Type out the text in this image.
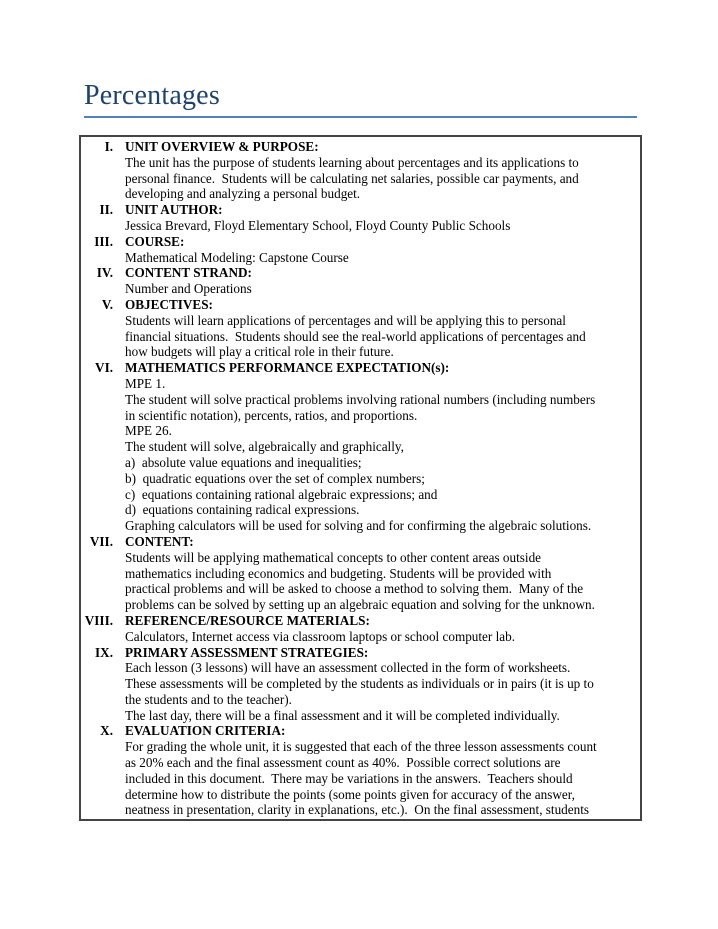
Percentages
I. UNIT OVERVIEW & PURPOSE:
The unit has the purpose of students learning about percentages and its applications to
personal finance.  Students will be calculating net salaries, possible car payments, and
developing and analyzing a personal budget.
II. UNIT AUTHOR:
Jessica Brevard, Floyd Elementary School, Floyd County Public Schools
III. COURSE:
Mathematical Modeling: Capstone Course
IV. CONTENT STRAND:
Number and Operations
V. OBJECTIVES:
Students will learn applications of percentages and will be applying this to personal
financial situations.  Students should see the real-world applications of percentages and
how budgets will play a critical role in their future.
VI. MATHEMATICS PERFORMANCE EXPECTATION(s):
MPE 1.
The student will solve practical problems involving rational numbers (including numbers
in scientific notation), percents, ratios, and proportions.
MPE 26.
The student will solve, algebraically and graphically,
a)  absolute value equations and inequalities;
b)  quadratic equations over the set of complex numbers;
c)  equations containing rational algebraic expressions; and
d)  equations containing radical expressions.
Graphing calculators will be used for solving and for confirming the algebraic solutions.
VII. CONTENT:
Students will be applying mathematical concepts to other content areas outside
mathematics including economics and budgeting. Students will be provided with
practical problems and will be asked to choose a method to solving them.  Many of the
problems can be solved by setting up an algebraic equation and solving for the unknown.
VIII. REFERENCE/RESOURCE MATERIALS:
Calculators, Internet access via classroom laptops or school computer lab.
IX. PRIMARY ASSESSMENT STRATEGIES:
Each lesson (3 lessons) will have an assessment collected in the form of worksheets.
These assessments will be completed by the students as individuals or in pairs (it is up to
the students and to the teacher).
The last day, there will be a final assessment and it will be completed individually.
X. EVALUATION CRITERIA:
For grading the whole unit, it is suggested that each of the three lesson assessments count
as 20% each and the final assessment count as 40%.  Possible correct solutions are
included in this document.  There may be variations in the answers.  Teachers should
determine how to distribute the points (some points given for accuracy of the answer,
neatness in presentation, clarity in explanations, etc.).  On the final assessment, students
